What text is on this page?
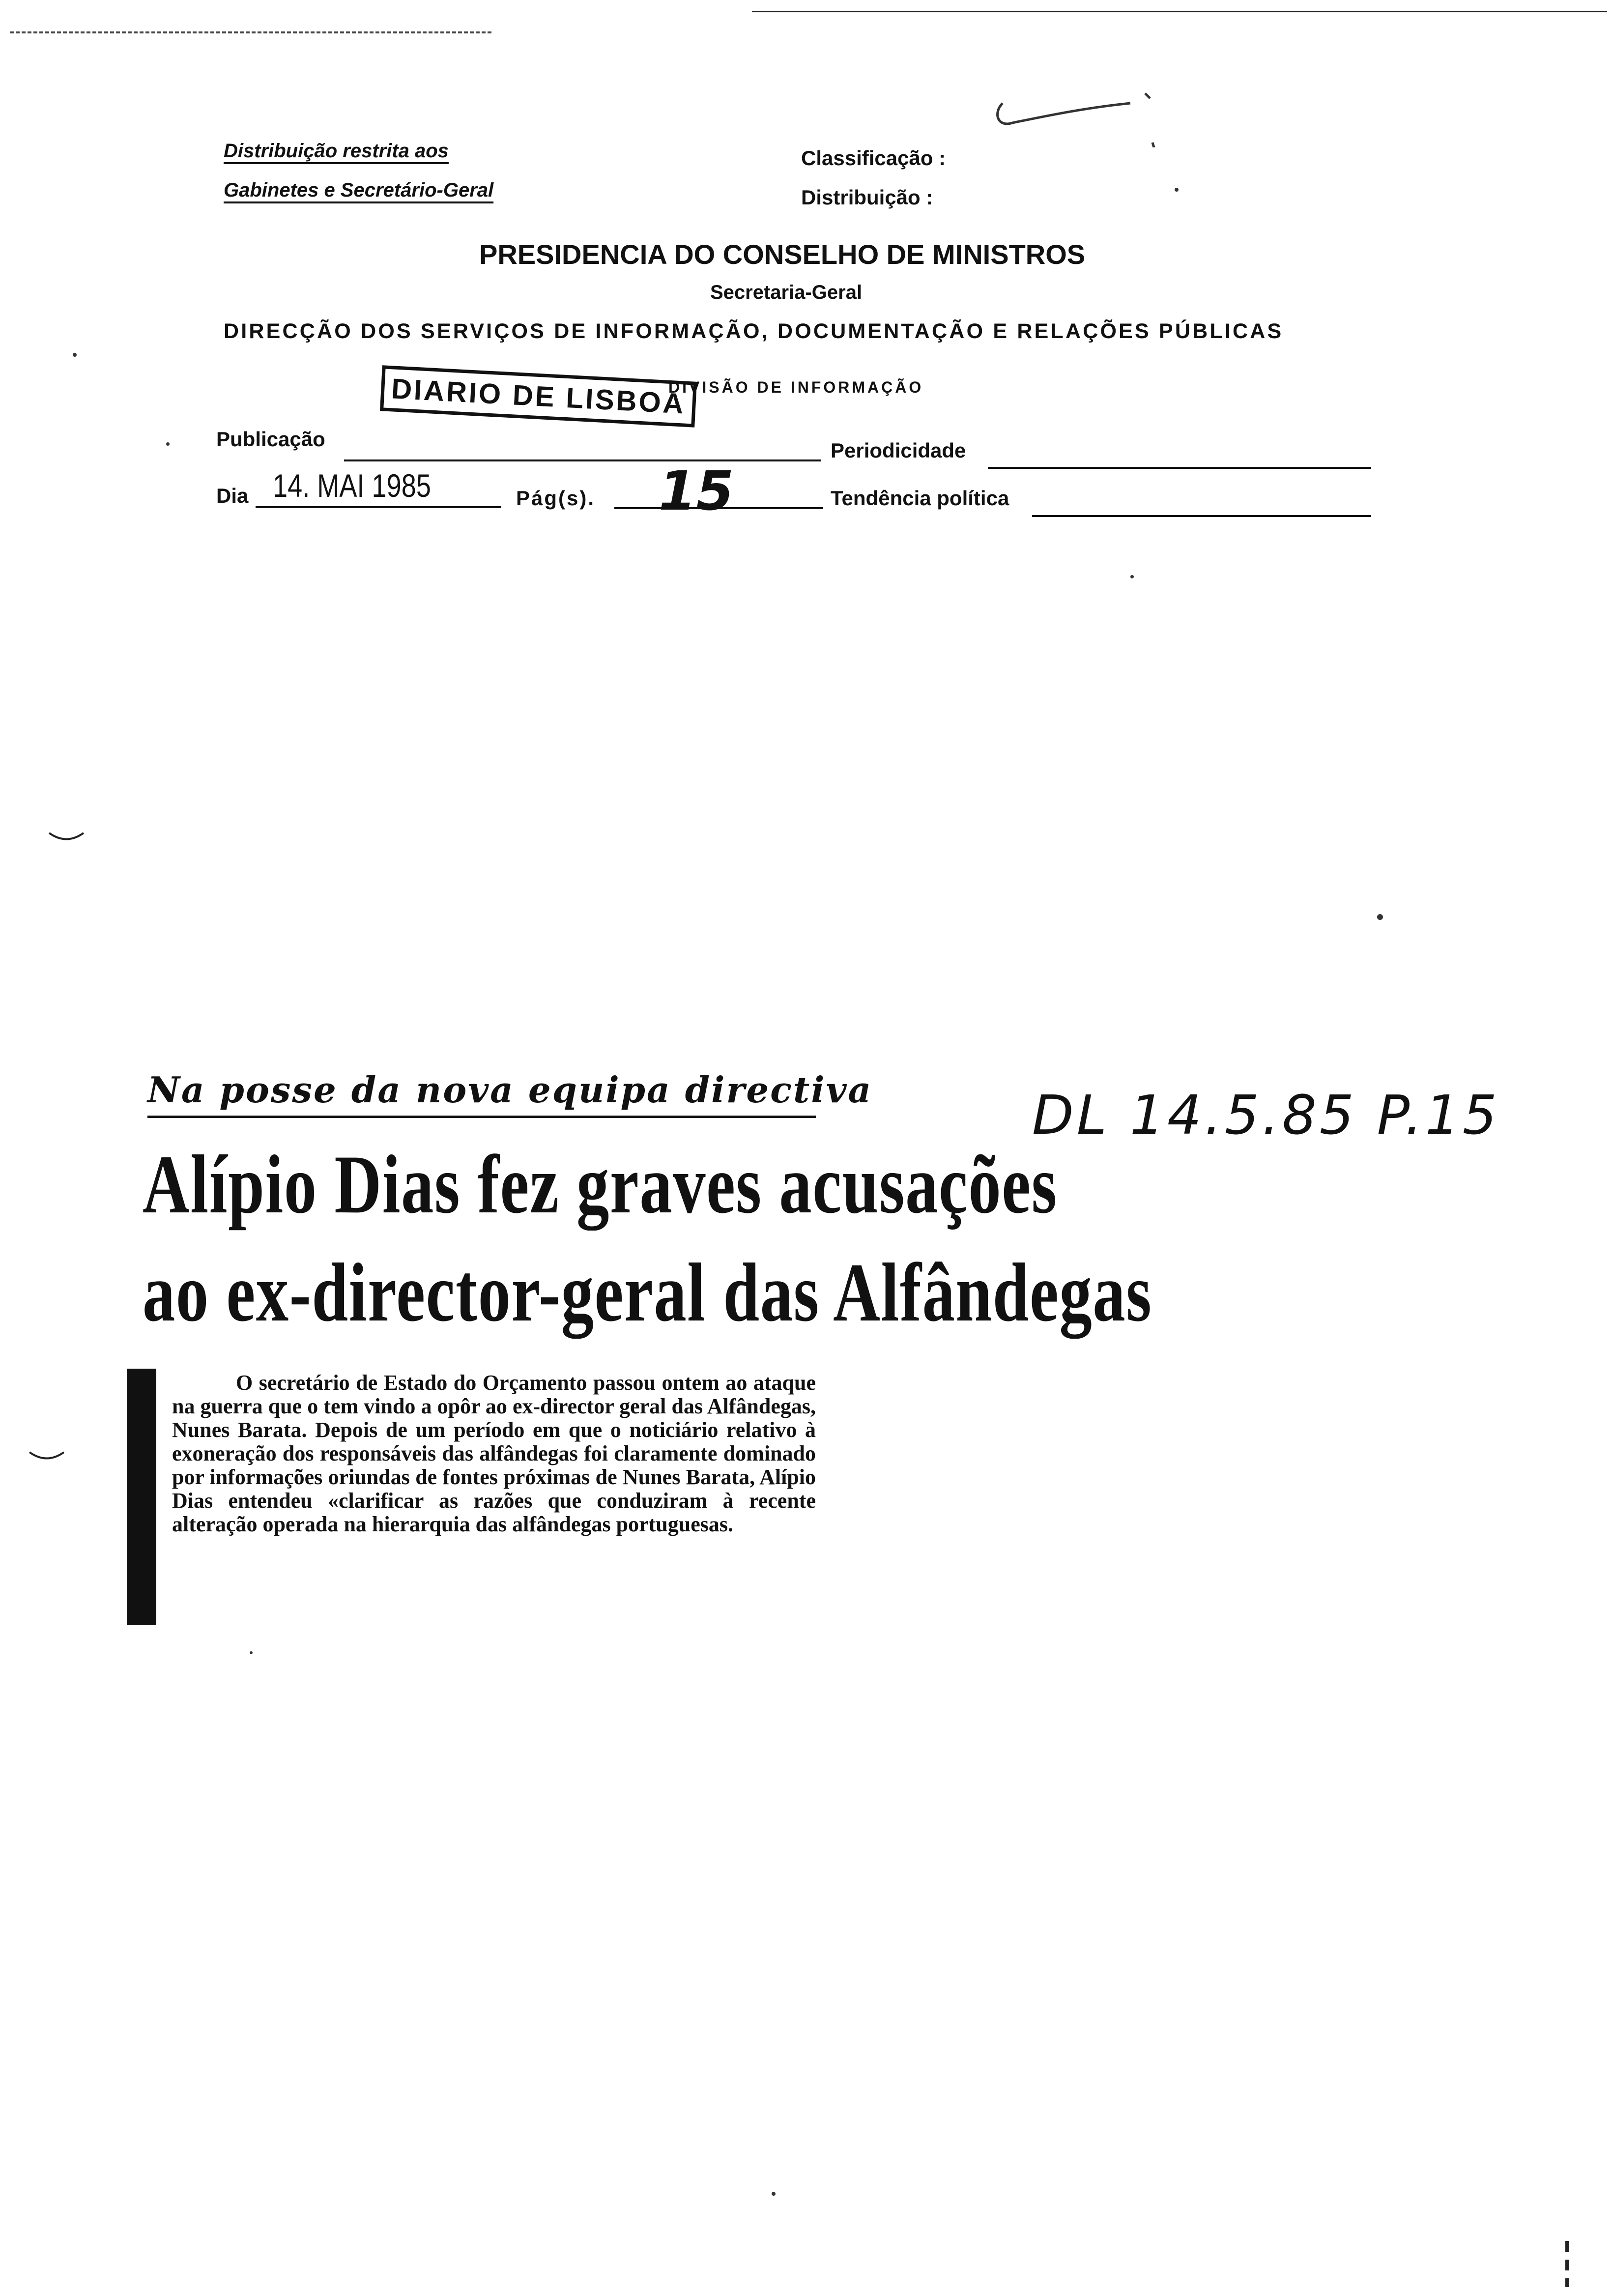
Distribuição restrita aos
Gabinetes e Secretário-Geral
Classificação :
Distribuição :
PRESIDENCIA DO CONSELHO DE MINISTROS
Secretaria-Geral
DIRECÇÃO DOS SERVIÇOS DE INFORMAÇÃO, DOCUMENTAÇÃO E RELAÇÕES PÚBLICAS
DIVISÃO DE INFORMAÇÃO
DIARIO DE LISBOA
Publicação	Periodicidade
Dia 14. MAI 1985	Pág(s). 15	Tendência política
Na posse da nova equipa directiva	DL 14.5.85 P.15
Alípio Dias fez graves acusações
ao ex-director-geral das Alfândegas
O secretário de Estado do Orçamento passou ontem ao ataque na guerra que o tem vindo a opôr ao ex-director geral das Alfândegas, Nunes Barata. Depois de um período em que o noticiário relativo à exoneração dos responsáveis das alfândegas foi claramente dominado por informações oriundas de fontes próximas de Nunes Barata, Alípio Dias entendeu «clarificar as razões que conduziram à recente alteração operada na hierarquia das alfândegas portuguesas.
